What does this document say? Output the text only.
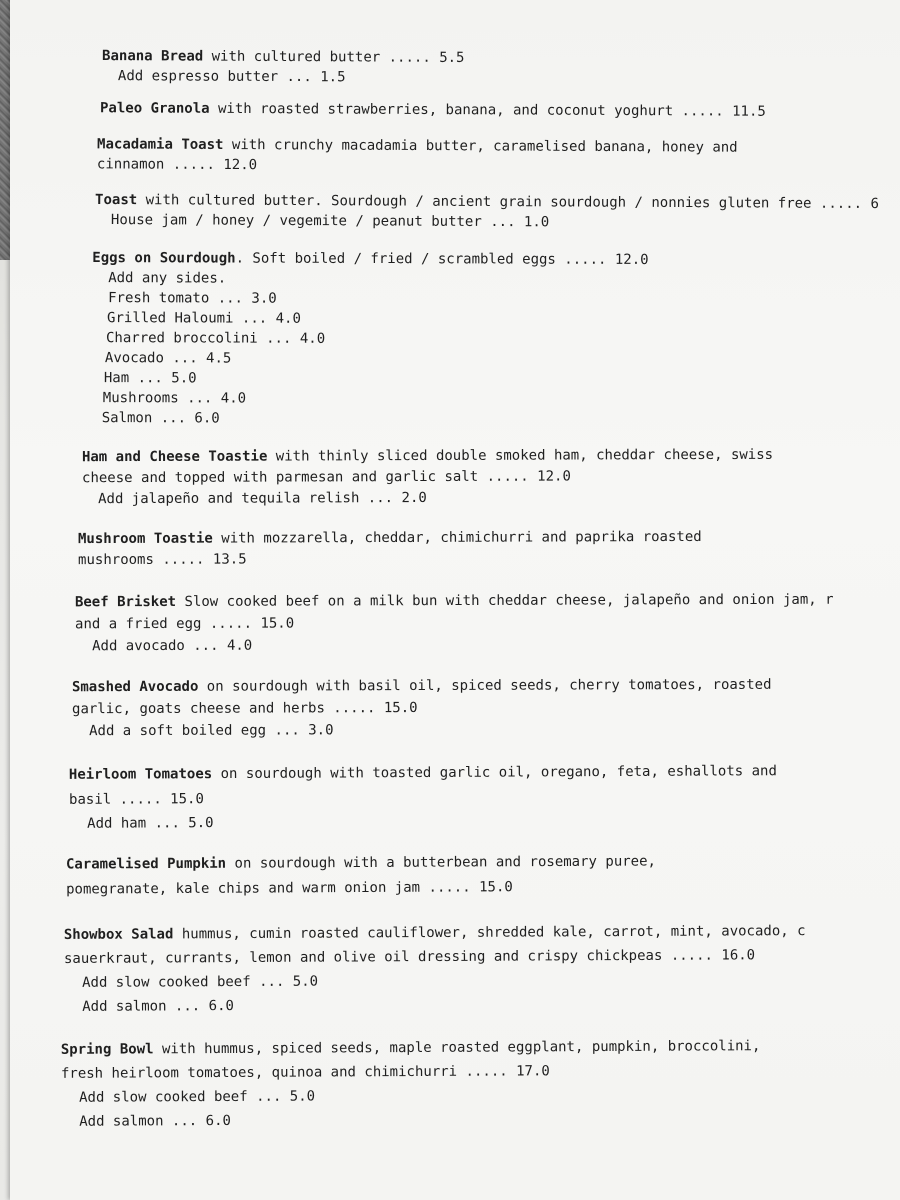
Banana Bread with cultured butter ..... 5.5
Add espresso butter ... 1.5
Paleo Granola with roasted strawberries, banana, and coconut yoghurt ..... 11.5
Macadamia Toast with crunchy macadamia butter, caramelised banana, honey and
cinnamon ..... 12.0
Toast with cultured butter. Sourdough / ancient grain sourdough / nonnies gluten free ..... 6
House jam / honey / vegemite / peanut butter ... 1.0
Eggs on Sourdough. Soft boiled / fried / scrambled eggs ..... 12.0
Add any sides.
Fresh tomato ... 3.0
Grilled Haloumi ... 4.0
Charred broccolini ... 4.0
Avocado ... 4.5
Ham ... 5.0
Mushrooms ... 4.0
Salmon ... 6.0
Ham and Cheese Toastie with thinly sliced double smoked ham, cheddar cheese, swiss
cheese and topped with parmesan and garlic salt ..... 12.0
Add jalapeño and tequila relish ... 2.0
Mushroom Toastie with mozzarella, cheddar, chimichurri and paprika roasted
mushrooms ..... 13.5
Beef Brisket Slow cooked beef on a milk bun with cheddar cheese, jalapeño and onion jam, r
and a fried egg ..... 15.0
Add avocado ... 4.0
Smashed Avocado on sourdough with basil oil, spiced seeds, cherry tomatoes, roasted
garlic, goats cheese and herbs ..... 15.0
Add a soft boiled egg ... 3.0
Heirloom Tomatoes on sourdough with toasted garlic oil, oregano, feta, eshallots and
basil ..... 15.0
Add ham ... 5.0
Caramelised Pumpkin on sourdough with a butterbean and rosemary puree,
pomegranate, kale chips and warm onion jam ..... 15.0
Showbox Salad hummus, cumin roasted cauliflower, shredded kale, carrot, mint, avocado, c
sauerkraut, currants, lemon and olive oil dressing and crispy chickpeas ..... 16.0
Add slow cooked beef ... 5.0
Add salmon ... 6.0
Spring Bowl with hummus, spiced seeds, maple roasted eggplant, pumpkin, broccolini,
fresh heirloom tomatoes, quinoa and chimichurri ..... 17.0
Add slow cooked beef ... 5.0
Add salmon ... 6.0
